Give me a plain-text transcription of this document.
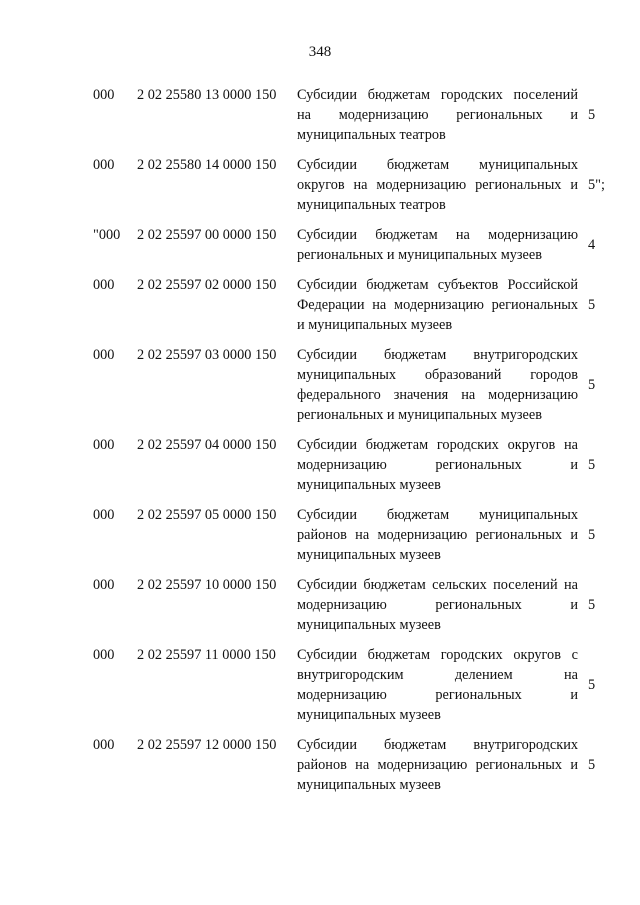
348
000 2 02 25580 13 0000 150 Субсидии бюджетам городских поселений
на модернизацию региональных и
муниципальных театров
5
000 2 02 25580 14 0000 150 Субсидии бюджетам муниципальных
округов на модернизацию региональных и
муниципальных театров
5";
"000 2 02 25597 00 0000 150 Субсидии бюджетам на модернизацию
региональных и муниципальных музеев
4
000 2 02 25597 02 0000 150 Субсидии бюджетам субъектов Российской
Федерации на модернизацию региональных
и муниципальных музеев
5
000 2 02 25597 03 0000 150 Субсидии бюджетам внутригородских
муниципальных образований городов
федерального значения на модернизацию
региональных и муниципальных музеев
5
000 2 02 25597 04 0000 150 Субсидии бюджетам городских округов на
модернизацию региональных и
муниципальных музеев
5
000 2 02 25597 05 0000 150 Субсидии бюджетам муниципальных
районов на модернизацию региональных и
муниципальных музеев
5
000 2 02 25597 10 0000 150 Субсидии бюджетам сельских поселений на
модернизацию региональных и
муниципальных музеев
5
000 2 02 25597 11 0000 150 Субсидии бюджетам городских округов с
внутригородским делением на
модернизацию региональных и
муниципальных музеев
5
000 2 02 25597 12 0000 150 Субсидии бюджетам внутригородских
районов на модернизацию региональных и
муниципальных музеев
5
